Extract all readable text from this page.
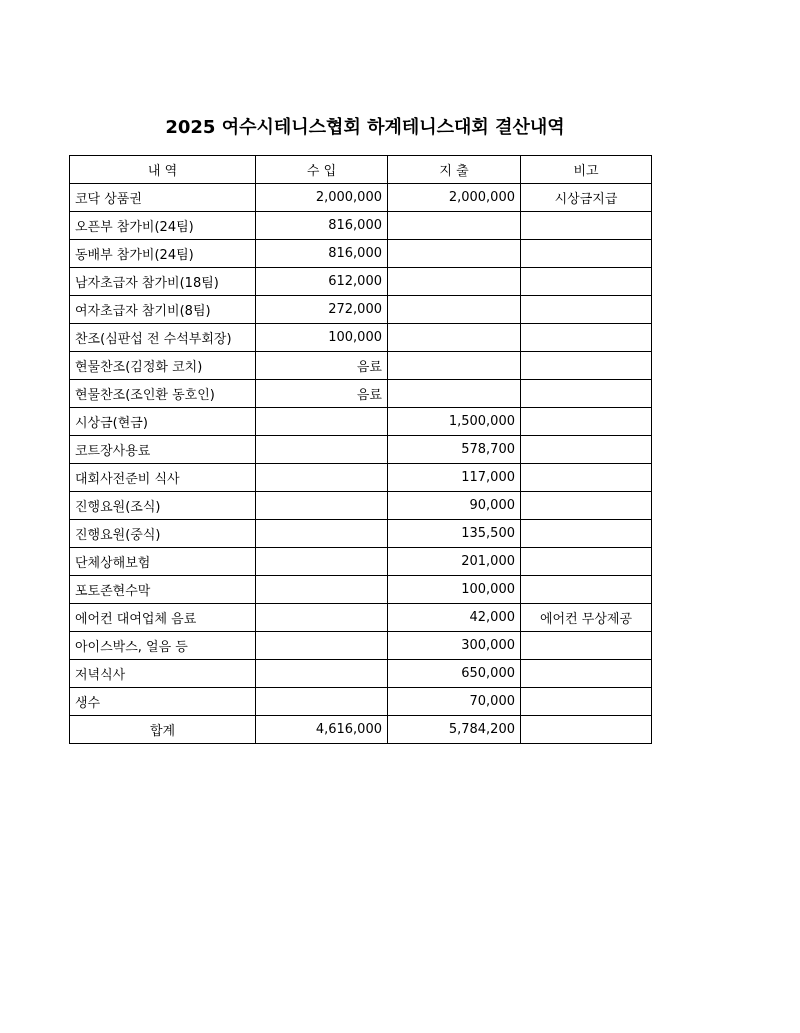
2025 여수시테니스협회 하계테니스대회 결산내역
내 역	수 입	지 출	비고
코닥 상품권	2,000,000	2,000,000	시상금지급
오픈부 참가비(24팀)	816,000		
동배부 참가비(24팀)	816,000		
남자초급자 참가비(18팀)	612,000		
여자초급자 참기비(8팀)	272,000		
찬조(심판섭 전 수석부회장)	100,000		
현물찬조(김정화 코치)	음료		
현물찬조(조인환 동호인)	음료		
시상금(현금)		1,500,000	
코트장사용료		578,700	
대회사전준비 식사		117,000	
진행요원(조식)		90,000	
진행요원(중식)		135,500	
단체상해보험		201,000	
포토존현수막		100,000	
에어컨 대여업체 음료		42,000	에어컨 무상제공
아이스박스, 얼음 등		300,000	
저녁식사		650,000	
생수		70,000	
합계	4,616,000	5,784,200	
